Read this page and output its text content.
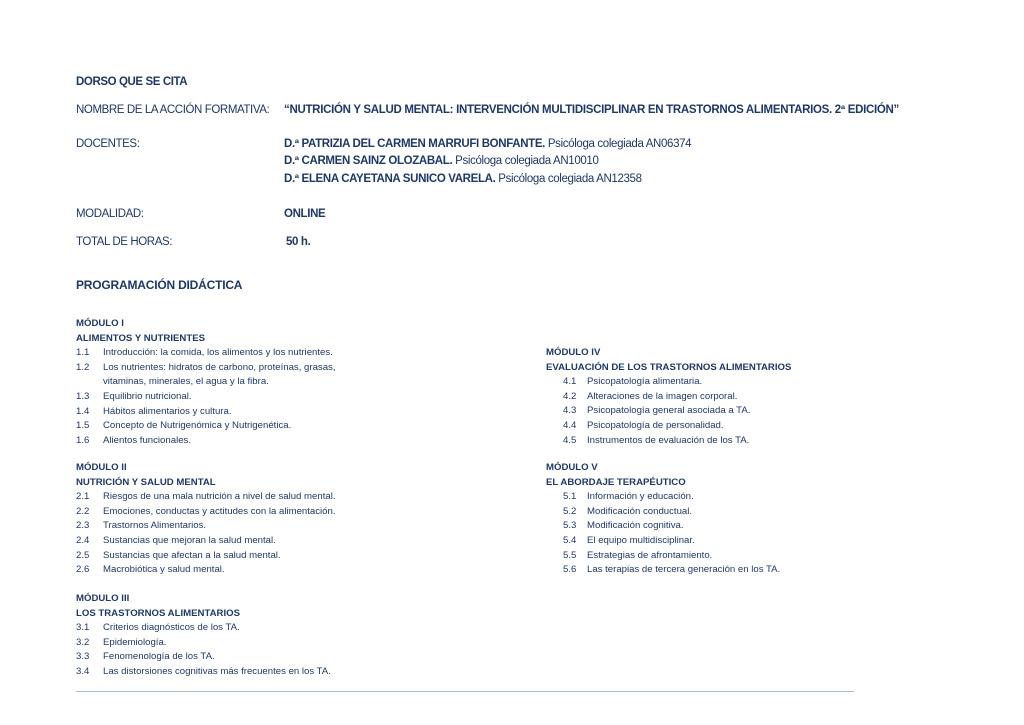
DORSO QUE SE CITA
NOMBRE DE LA ACCIÓN FORMATIVA: “NUTRICIÓN Y SALUD MENTAL: INTERVENCIÓN MULTIDISCIPLINAR EN TRASTORNOS ALIMENTARIOS. 2ª EDICIÓN”
DOCENTES:	D.ª PATRIZIA DEL CARMEN MARRUFI BONFANTE. Psicóloga colegiada AN06374
D.ª CARMEN SAINZ OLOZABAL. Psicóloga colegiada AN10010
D.ª ELENA CAYETANA SUNICO VARELA. Psicóloga colegiada AN12358
MODALIDAD:	ONLINE
TOTAL DE HORAS:	50 h.
PROGRAMACIÓN DIDÁCTICA
MÓDULO I
ALIMENTOS Y NUTRIENTES
1.1	Introducción: la comida, los alimentos y los nutrientes.
1.2	Los nutrientes: hidratos de carbono, proteínas, grasas,
vitaminas, minerales, el agua y la fibra.
1.3	Equilibrio nutricional.
1.4	Hábitos alimentarios y cultura.
1.5	Concepto de Nutrigenómica y Nutrigenética.
1.6	Alientos funcionales.
MÓDULO II
NUTRICIÓN Y SALUD MENTAL
2.1	Riesgos de una mala nutrición a nivel de salud mental.
2.2	Emociones, conductas y actitudes con la alimentación.
2.3	Trastornos Alimentarios.
2.4	Sustancias que mejoran la salud mental.
2.5	Sustancias que afectan a la salud mental.
2.6	Macrobiótica y salud mental.
MÓDULO III
LOS TRASTORNOS ALIMENTARIOS
3.1	Criterios diagnósticos de los TA.
3.2	Epidemiología.
3.3	Fenomenología de los TA.
3.4	Las distorsiones cognitivas más frecuentes en los TA.
MÓDULO IV
EVALUACIÓN DE LOS TRASTORNOS ALIMENTARIOS
4.1	Psicopatología alimentaria.
4.2	Alteraciones de la imagen corporal.
4.3	Psicopatología general asociada a TA.
4.4	Psicopatología de personalidad.
4.5	Instrumentos de evaluación de los TA.
MÓDULO V
EL ABORDAJE TERAPÉUTICO
5.1	Información y educación.
5.2	Modificación conductual.
5.3	Modificación cognitiva.
5.4	El equipo multidisciplinar.
5.5	Estrategias de afrontamiento.
5.6	Las terapias de tercera generación en los TA.
